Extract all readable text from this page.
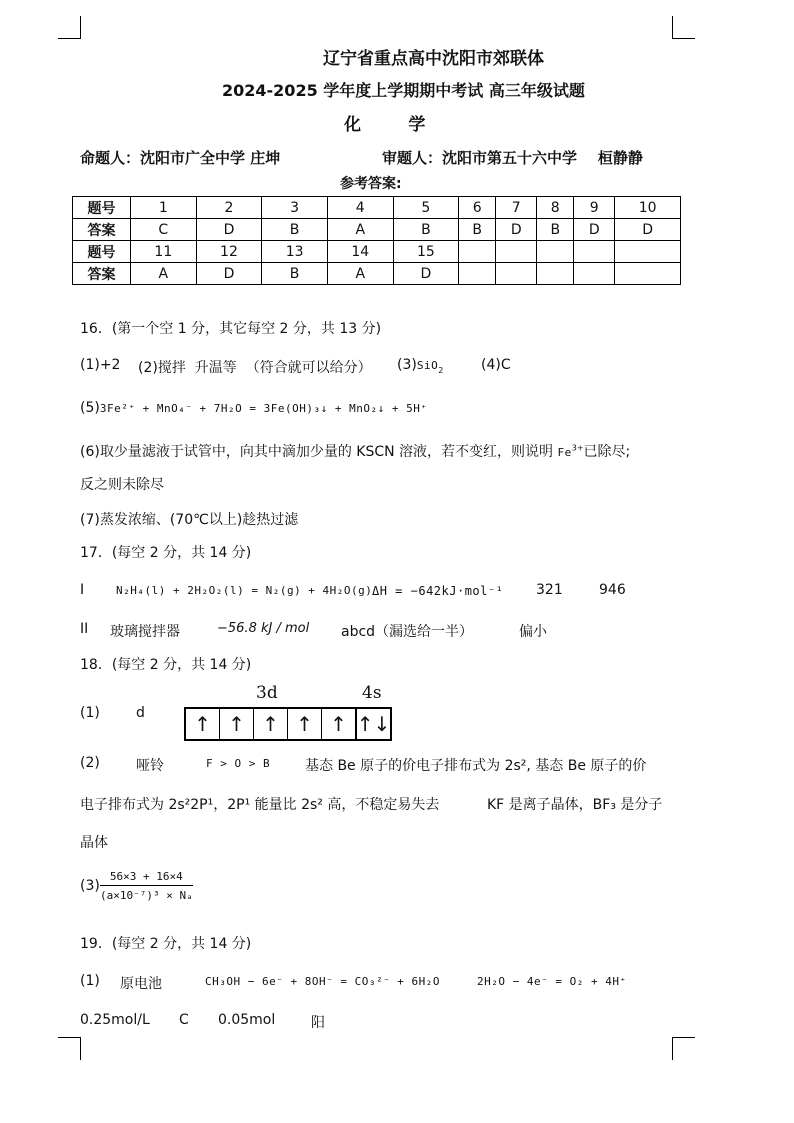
辽宁省重点高中沈阳市郊联体
2024-2025 学年度上学期期中考试 高三年级试题
化        学
命题人：沈阳市广全中学 庄坤	审题人：沈阳市第五十六中学    桓静静
参考答案:
题号	1	2	3	4	5	6	7	8	9	10
答案	C	D	B	A	B	B	D	B	D	D
题号	11	12	13	14	15					
答案	A	D	B	A	D					
16．(第一个空 1 分，其它每空 2 分，共 13 分)
(1)+2 (2)搅拌  升温等  （符合就可以给分） (3)SiO$_2$	(4)C
(5)3Fe²⁺ + MnO₄⁻ + 7H₂O = 3Fe(OH)₃↓ + MnO₂↓ + 5H⁺
(6)取少量滤液于试管中，向其中滴加少量的 KSCN 溶液，若不变红，则说明 $Fe^{3+}$已除尽;
反之则未除尽
(7)蒸发浓缩、(70℃以上)趁热过滤
17．(每空 2 分，共 14 分)
I	N₂H₄(l) + 2H₂O₂(l) = N₂(g) + 4H₂O(g) ΔH = −642kJ·mol⁻¹ 321	946
II 玻璃搅拌器	−56.8 kJ / mol abcd（漏选给一半）	偏小
18．(每空 2 分，共 14 分)
3d	4s
(1)	d	↑ ↑ ↑ ↑ ↑ ↑↓
(2)	哑铃	F > O > B 基态 Be 原子的价电子排布式为 2s², 基态 Be 原子的价
电子排布式为 2s²2P¹，2P¹ 能量比 2s² 高，不稳定易失去	KF 是离子晶体，BF₃ 是分子
晶体
$(3) \frac{56\times 3 + 16\times 4}{\text{(a×10⁻⁷)³ × Nₐ}}$
19．(每空 2 分，共 14 分)
(1) 原电池	CH₃OH − 6e⁻ + 8OH⁻ = CO₃²⁻ + 6H₂O	2H₂O − 4e⁻ = O₂ + 4H⁺
0.25mol/L C 0.05mol	阳
